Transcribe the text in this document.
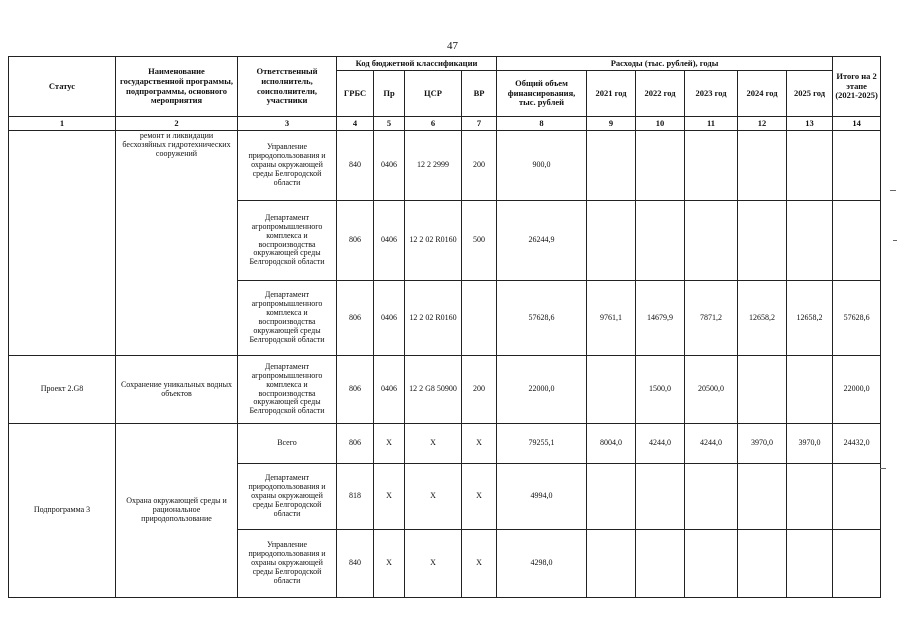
47
Статус	Наименование государственной программы, подпрограммы, основного мероприятия	Ответственный исполнитель, соисполнители, участники	Код бюджетной классификации				Расходы (тыс. рублей), годы						Итого на 2 этапе (2021-2025)
			ГРБС	Пр	ЦСР	ВР	Общий объем финансирования, тыс. рублей	2021 год	2022 год	2023 год	2024 год	2025 год	
1	2	3	4	5	6	7	8	9	10	11	12	13	14
	ремонт и ликвидации бесхозяйных гидротехнических сооружений	Управление природопользования и охраны окружающей среды Белгородской области	840	0406	12 2 2999	200	900,0						
		Департамент агропромышленного комплекса и воспроизводства окружающей среды Белгородской области	806	0406	12 2 02 R0160	500	26244,9						
		Департамент агропромышленного комплекса и воспроизводства окружающей среды Белгородской области	806	0406	12 2 02 R0160		57628,6	9761,1	14679,9	7871,2	12658,2	12658,2	57628,6
Проект 2.G8	Сохранение уникальных водных объектов	Департамент агропромышленного комплекса и воспроизводства окружающей среды Белгородской области	806	0406	12 2 G8 50900	200	22000,0		1500,0	20500,0			22000,0
Подпрограмма 3	Охрана окружающей среды и рациональное природопользование	Всего	806	X	X	X	79255,1	8004,0	4244,0	4244,0	3970,0	3970,0	24432,0
		Департамент природопользования и охраны окружающей среды Белгородской области	818	X	X	X	4994,0						
		Управление природопользования и охраны окружающей среды Белгородской области	840	X	X	X	4298,0						
